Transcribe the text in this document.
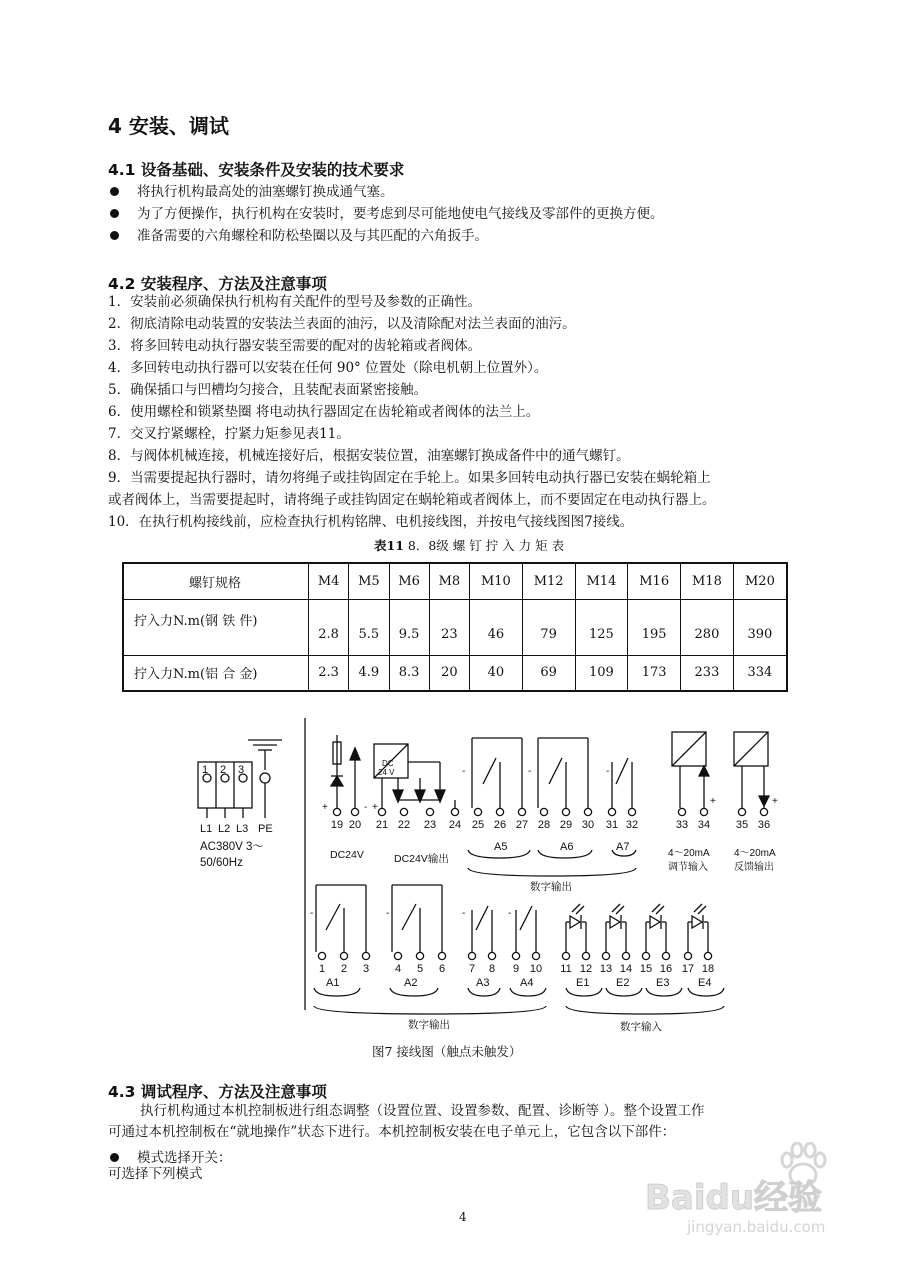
4 安装、调试
4.1 设备基础、安装条件及安装的技术要求
将执行机构最高处的油塞螺钉换成通气塞。
为了方便操作，执行机构在安装时，要考虑到尽可能地使电气接线及零部件的更换方便。
准备需要的六角螺栓和防松垫圈以及与其匹配的六角扳手。
4.2 安装程序、方法及注意事项
1．安装前必须确保执行机构有关配件的型号及参数的正确性。
2．彻底清除电动装置的安装法兰表面的油污，以及清除配对法兰表面的油污。
3．将多回转电动执行器安装至需要的配对的齿轮箱或者阀体。
4．多回转电动执行器可以安装在任何 90° 位置处（除电机朝上位置外）。
5．确保插口与凹槽均匀接合，且装配表面紧密接触。
6．使用螺栓和锁紧垫圈 将电动执行器固定在齿轮箱或者阀体的法兰上。
7．交叉拧紧螺栓，拧紧力矩参见表11。
8．与阀体机械连接，机械连接好后，根据安装位置，油塞螺钉换成备件中的通气螺钉。
9．当需要提起执行器时，请勿将绳子或挂钩固定在手轮上。如果多回转电动执行器已安装在蜗轮箱上
或者阀体上，当需要提起时，请将绳子或挂钩固定在蜗轮箱或者阀体上，而不要固定在电动执行器上。
10．在执行机构接线前，应检查执行机构铭牌、电机接线图，并按电气接线图图7接线。
表11 8．8级 螺 钉 拧 入 力 矩 表
螺钉规格	M4	M5	M6	M8	M10	M12	M14	M16	M18	M20
拧入力N.m(钢 铁 件)	2.8	5.5	9.5	23	46	79	125	195	280	390
拧入力N.m(铝 合 金)	2.3	4.9	8.3	20	40	69	109	173	233	334
1 2 3
L1 L2 L3 PE
AC380V 3～
50/60Hz
DC
24 V
+	- +
-	-	-
+	+
-	-	-	-
19 20 21 22 23 24 25 26 27 28 29 30 31 32	33 34 35 36
DC24V	DC24V输出
A5	A6	A7
数字输出
4～20mA
调节输入
4～20mA
反馈输出
1 2 3 4 5 6 7 8 9 10 11 12 13 14 15 16 17 18
A1	A2	A3	A4	E1 E2 E3	E4
数字输出	数字输入
图7 接线图（触点未触发）
4.3 调试程序、方法及注意事项
执行机构通过本机控制板进行组态调整（设置位置、设置参数、配置、诊断等 ）。整个设置工作
可通过本机控制板在“就地操作”状态下进行。本机控制板安装在电子单元上，它包含以下部件：
模式选择开关：
可选择下列模式
4	Baidu经验
jingyan.baidu.com
